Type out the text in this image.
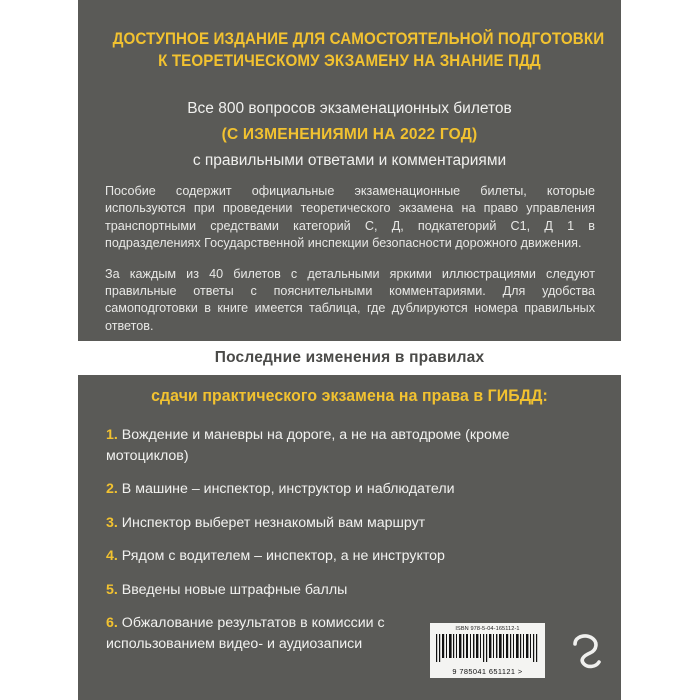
ДОСТУПНОЕ ИЗДАНИЕ ДЛЯ САМОСТОЯТЕЛЬНОЙ ПОДГОТОВКИ
К ТЕОРЕТИЧЕСКОМУ ЭКЗАМЕНУ НА ЗНАНИЕ ПДД
Все 800 вопросов экзаменационных билетов
(С ИЗМЕНЕНИЯМИ НА 2022 ГОД)
с правильными ответами и комментариями

Пособие содержит официальные экзаменационные билеты, которые используются при проведении теоретического экзамена на право управления транспортными средствами категорий С, Д, подкатегорий С1, Д 1 в подразделениях Государственной инспекции безопасности дорожного движения.

За каждым из 40 билетов с детальными яркими иллюстрациями следуют правильные ответы с пояснительными комментариями. Для удобства самоподготовки в книге имеется таблица, где дублируются номера правильных ответов.

Последние изменения в правилах
сдачи практического экзамена на права в ГИБДД:
1. Вождение и маневры на дороге, а не на автодроме (кроме мотоциклов)
2. В машине – инспектор, инструктор и наблюдатели
3. Инспектор выберет незнакомый вам маршрут
4. Рядом с водителем – инспектор, а не инструктор
5. Введены новые штрафные баллы
6. Обжалование результатов в комиссии с использованием видео- и аудиозаписи
ISBN 978-5-04-165112-1
9 785041 651121 >
